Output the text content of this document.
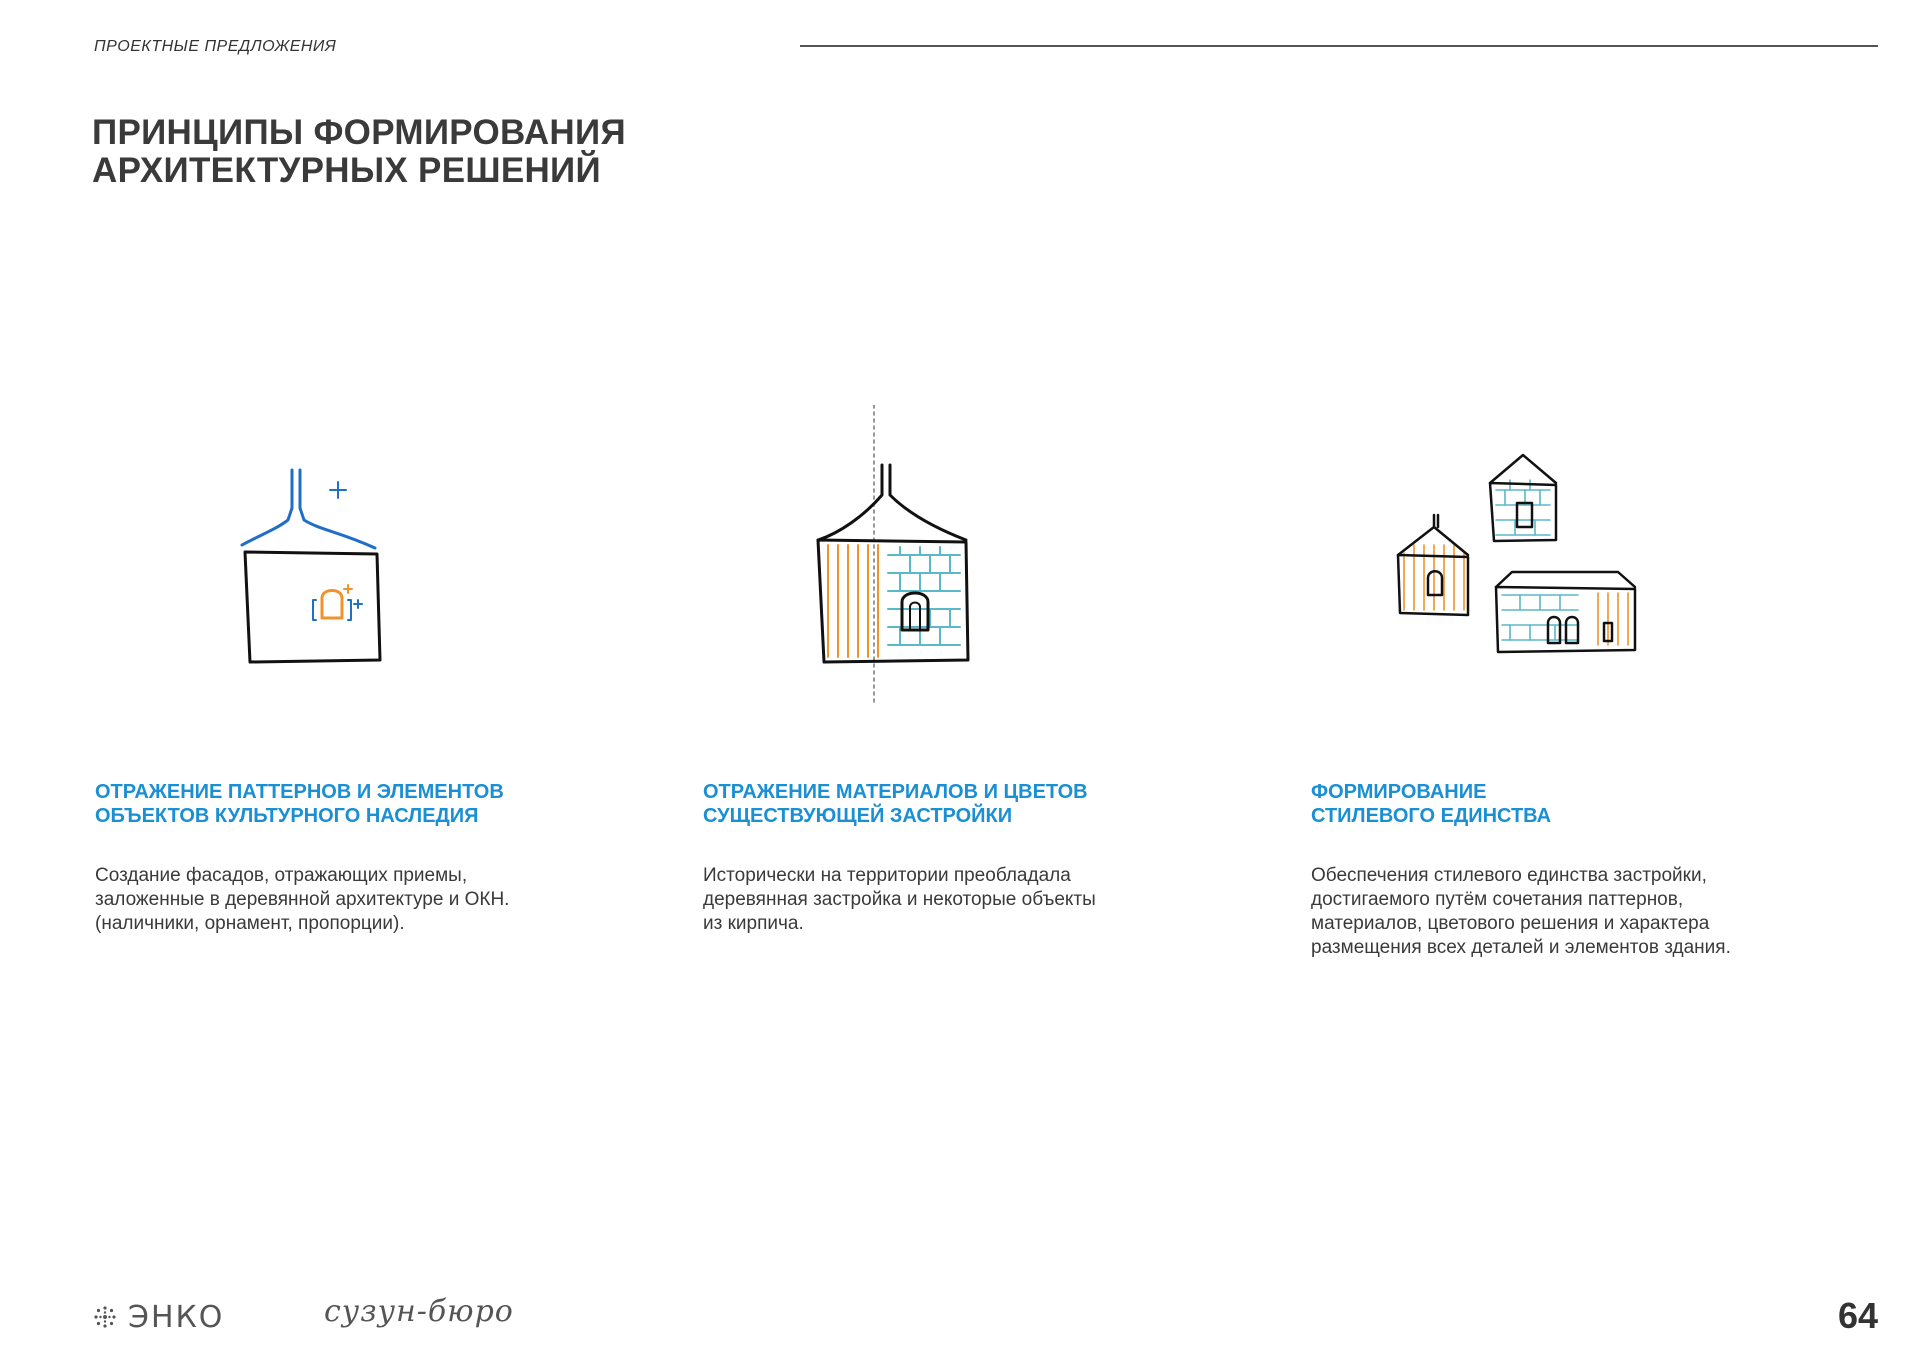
ПРОЕКТНЫЕ ПРЕДЛОЖЕНИЯ
ПРИНЦИПЫ ФОРМИРОВАНИЯ
АРХИТЕКТУРНЫХ РЕШЕНИЙ
ОТРАЖЕНИЕ ПАТТЕРНОВ И ЭЛЕМЕНТОВ
ОБЪЕКТОВ КУЛЬТУРНОГО НАСЛЕДИЯ

Создание фасадов, отражающих приемы,
заложенные в деревянной архитектуре и ОКН.
(наличники, орнамент, пропорции).

ОТРАЖЕНИЕ МАТЕРИАЛОВ И ЦВЕТОВ
СУЩЕСТВУЮЩЕЙ ЗАСТРОЙКИ

Исторически на территории преобладала
деревянная застройка и некоторые объекты
из кирпича.

ФОРМИРОВАНИЕ
СТИЛЕВОГО ЕДИНСТВА

Обеспечения стилевого единства застройки,
достигаемого путём сочетания паттернов,
материалов, цветового решения и характера
размещения всех деталей и элементов здания.

ЭНКО	сузун-бюро	64
